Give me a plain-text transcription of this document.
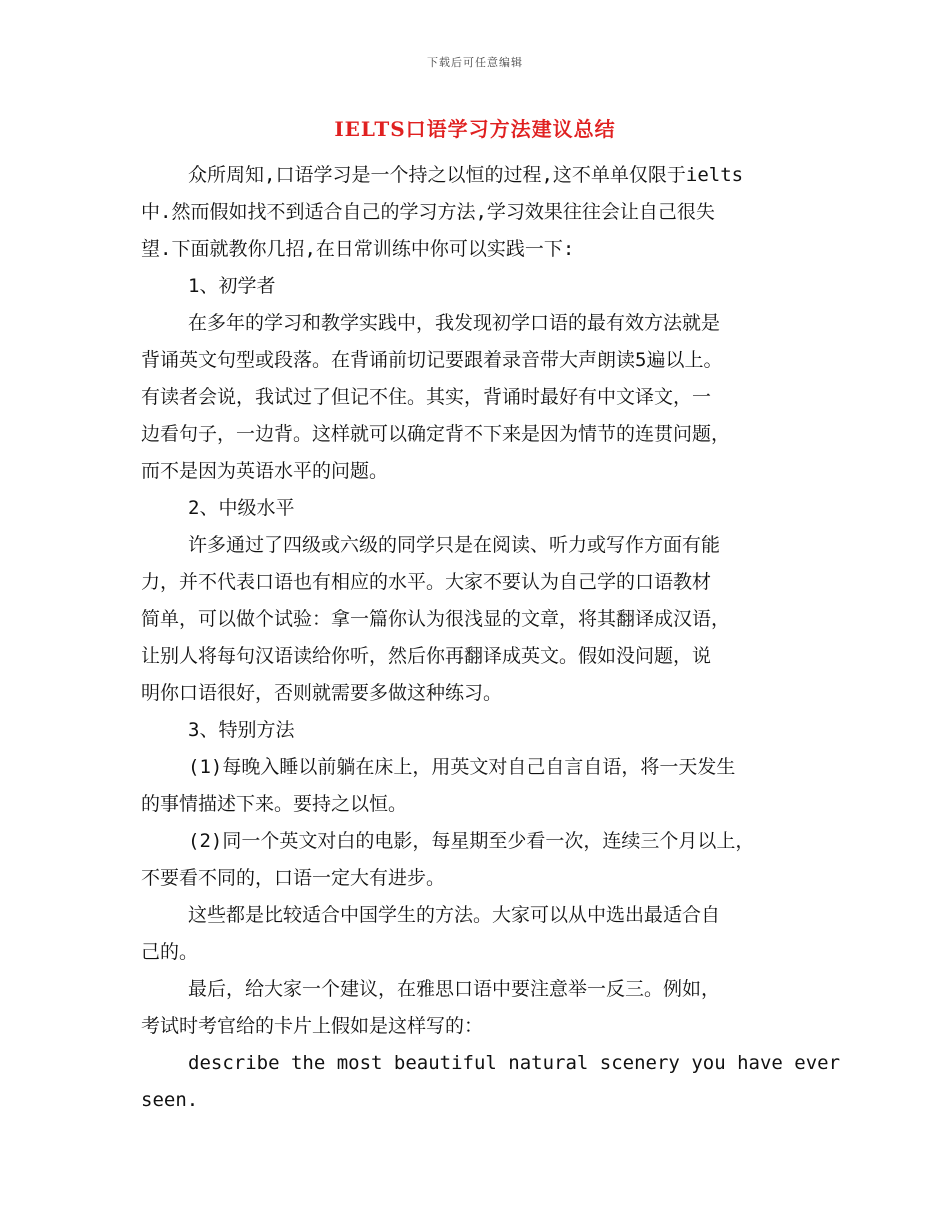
下载后可任意编辑
IELTS口语学习方法建议总结
众所周知,口语学习是一个持之以恒的过程,这不单单仅限于ielts
中.然而假如找不到适合自己的学习方法,学习效果往往会让自己很失
望.下面就教你几招,在日常训练中你可以实践一下:
1、初学者
在多年的学习和教学实践中，我发现初学口语的最有效方法就是
背诵英文句型或段落。在背诵前切记要跟着录音带大声朗读5遍以上。
有读者会说，我试过了但记不住。其实，背诵时最好有中文译文，一
边看句子，一边背。这样就可以确定背不下来是因为情节的连贯问题，
而不是因为英语水平的问题。
2、中级水平
许多通过了四级或六级的同学只是在阅读、听力或写作方面有能
力，并不代表口语也有相应的水平。大家不要认为自己学的口语教材
简单，可以做个试验：拿一篇你认为很浅显的文章，将其翻译成汉语，
让别人将每句汉语读给你听，然后你再翻译成英文。假如没问题，说
明你口语很好，否则就需要多做这种练习。
3、特别方法
(1)每晚入睡以前躺在床上，用英文对自己自言自语，将一天发生
的事情描述下来。要持之以恒。
(2)同一个英文对白的电影，每星期至少看一次，连续三个月以上，
不要看不同的，口语一定大有进步。
这些都是比较适合中国学生的方法。大家可以从中选出最适合自
己的。
最后，给大家一个建议，在雅思口语中要注意举一反三。例如，
考试时考官给的卡片上假如是这样写的：
describe the most beautiful natural scenery you have ever
seen.
